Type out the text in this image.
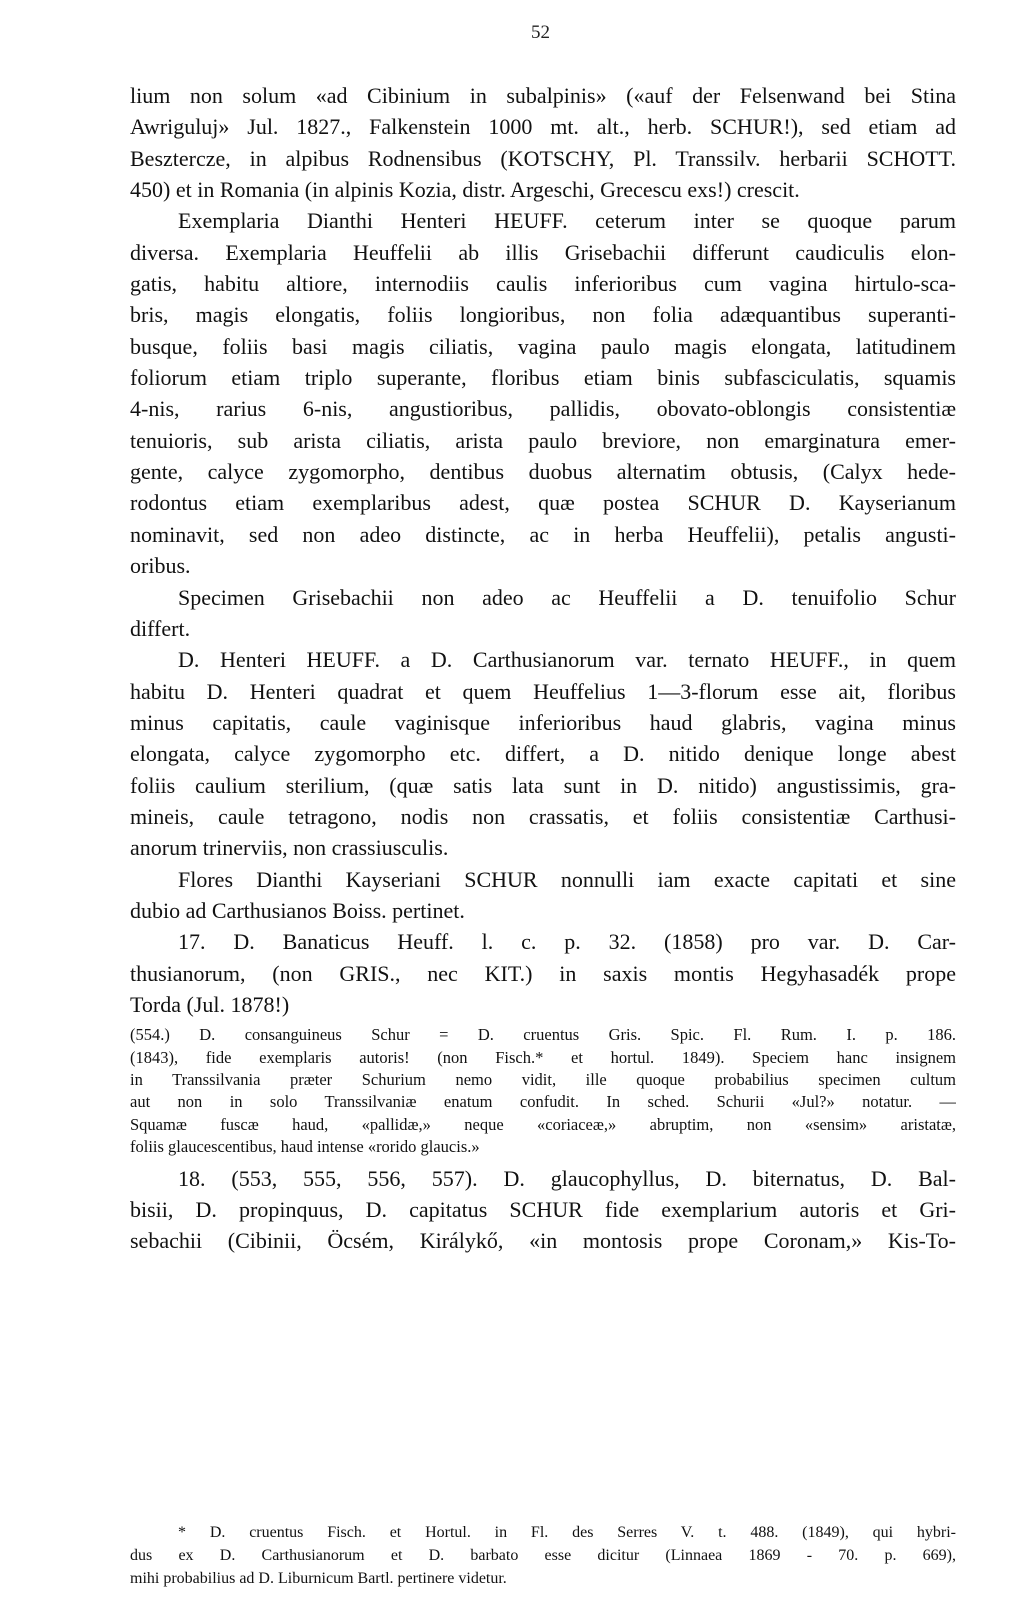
52
lium non solum «ad Cibinium in subalpinis» («auf der Felsenwand bei Stina
Awriguluj» Jul. 1827., Falkenstein 1000 mt. alt., herb. SCHUR!), sed etiam ad
Besztercze, in alpibus Rodnensibus (KOTSCHY, Pl. Transsilv. herbarii SCHOTT.
450) et in Romania (in alpinis Kozia, distr. Argeschi, Grecescu exs!) crescit.
Exemplaria Dianthi Henteri HEUFF. ceterum inter se quoque parum
diversa. Exemplaria Heuffelii ab illis Grisebachii differunt caudiculis elon-
gatis, habitu altiore, internodiis caulis inferioribus cum vagina hirtulo-sca-
bris, magis elongatis, foliis longioribus, non folia adæquantibus superanti-
busque, foliis basi magis ciliatis, vagina paulo magis elongata, latitudinem
foliorum etiam triplo superante, floribus etiam binis subfasciculatis, squamis
4-nis, rarius 6-nis, angustioribus, pallidis, obovato-oblongis consistentiæ
tenuioris, sub arista ciliatis, arista paulo breviore, non emarginatura emer-
gente, calyce zygomorpho, dentibus duobus alternatim obtusis, (Calyx hede-
rodontus etiam exemplaribus adest, quæ postea SCHUR D. Kayserianum
nominavit, sed non adeo distincte, ac in herba Heuffelii), petalis angusti-
oribus.
Specimen Grisebachii non adeo ac Heuffelii a D. tenuifolio Schur
differt.
D. Henteri HEUFF. a D. Carthusianorum var. ternato HEUFF., in quem
habitu D. Henteri quadrat et quem Heuffelius 1—3-florum esse ait, floribus
minus capitatis, caule vaginisque inferioribus haud glabris, vagina minus
elongata, calyce zygomorpho etc. differt, a D. nitido denique longe abest
foliis caulium sterilium, (quæ satis lata sunt in D. nitido) angustissimis, gra-
mineis, caule tetragono, nodis non crassatis, et foliis consistentiæ Carthusi-
anorum trinerviis, non crassiusculis.
Flores Dianthi Kayseriani SCHUR nonnulli iam exacte capitati et sine
dubio ad Carthusianos Boiss. pertinet.
17. D. Banaticus Heuff. l. c. p. 32. (1858) pro var. D. Car-
thusianorum, (non GRIS., nec KIT.) in saxis montis Hegyhasadék prope
Torda (Jul. 1878!)
(554.) D. consanguineus Schur = D. cruentus Gris. Spic. Fl. Rum. I. p. 186.
(1843), fide exemplaris autoris! (non Fisch.* et hortul. 1849). Speciem hanc insignem
in Transsilvania præter Schurium nemo vidit, ille quoque probabilius specimen cultum
aut non in solo Transsilvaniæ enatum confudit. In sched. Schurii «Jul?» notatur. —
Squamæ fuscæ haud, «pallidæ,» neque «coriaceæ,» abruptim, non «sensim» aristatæ,
foliis glaucescentibus, haud intense «rorido glaucis.»
18. (553, 555, 556, 557). D. glaucophyllus, D. biternatus, D. Bal-
bisii, D. propinquus, D. capitatus SCHUR fide exemplarium autoris et Gri-
sebachii (Cibinii, Öcsém, Királykő, «in montosis prope Coronam,» Kis-To-
* D. cruentus Fisch. et Hortul. in Fl. des Serres V. t. 488. (1849), qui hybri-
dus ex D. Carthusianorum et D. barbato esse dicitur (Linnaea 1869 - 70. p. 669),
mihi probabilius ad D. Liburnicum Bartl. pertinere videtur.
